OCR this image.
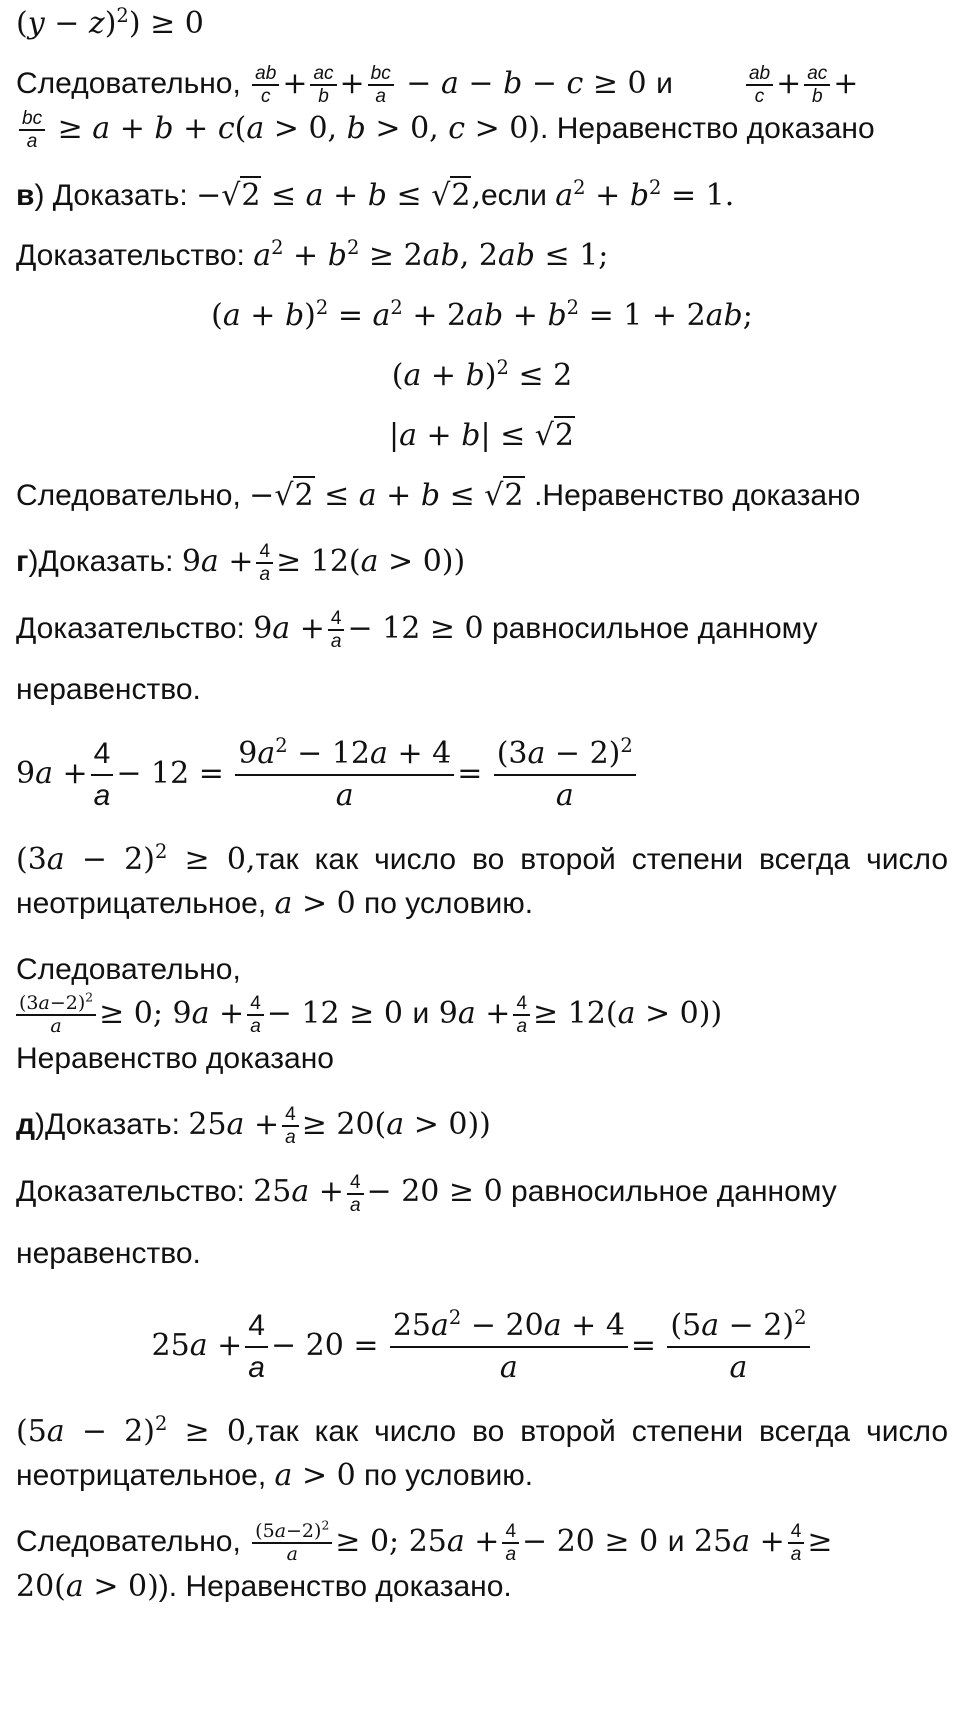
$(y - z)^2) \ge 0$

Следовательно, $\frac{ab}{c} + \frac{ac}{b} + \frac{bc}{a} - a - b - c \ge 0$ и	$\frac{ab}{c} + \frac{ac}{b}$ +

$\frac{bc}{a} \ge a + b + c(a > 0$, b > 0, c > 0). Неравенство доказано

в) Доказать: −√2 ≤ a + b ≤ √2,если $a^2 + b^2 = 1$.

Доказательство: $a^2 + b^2 \ge 2ab$, 2ab ≤ 1;

$(a + b)^2 = a^2 + 2ab + b^2 = 1 + 2ab$;

$(a + b)^2 \le 2$

|a + b| ≤ √2

Следовательно, −√2 ≤ a + b ≤ √2 .Неравенство доказано

г)Доказать: $9a + \frac{4}{a} \ge 12(a > 0)$)

Доказательство: $9a + \frac{4}{a} - 12 \ge 0$ равносильное данному

неравенство.

$9a + \frac{4}{a} - 12 = \frac{9a^2 - 12a + 4}{a} = \frac{(3a - 2)^2}{a}$

$(3a - 2)^2 \ge 0,так$ как число во второй степени всегда число неотрицательное, a > 0 по условию.

Следовательно,

$\frac{(3a-2)^2}{a} \ge 0$; $9a + \frac{4}{a} - 12 \ge 0$ и $9a + \frac{4}{a} \ge 12(a > 0)$)

Неравенство доказано

д)Доказать: $25a + \frac{4}{a} \ge 20(a > 0)$)

Доказательство: $25a + \frac{4}{a} - 20 \ge 0$ равносильное данному

неравенство.

$25a + \frac{4}{a} - 20 = \frac{25a^2 - 20a + 4}{a} = \frac{(5a - 2)^2}{a}$

$(5a - 2)^2 \ge 0,так$ как число во второй степени всегда число неотрицательное, a > 0 по условию.

Следовательно, $\frac{(5a-2)^2}{a} \ge 0$; $25a + \frac{4}{a} - 20 \ge 0$ и $25a + \frac{4}{a}$ ≥

20(a > 0)). Неравенство доказано.
